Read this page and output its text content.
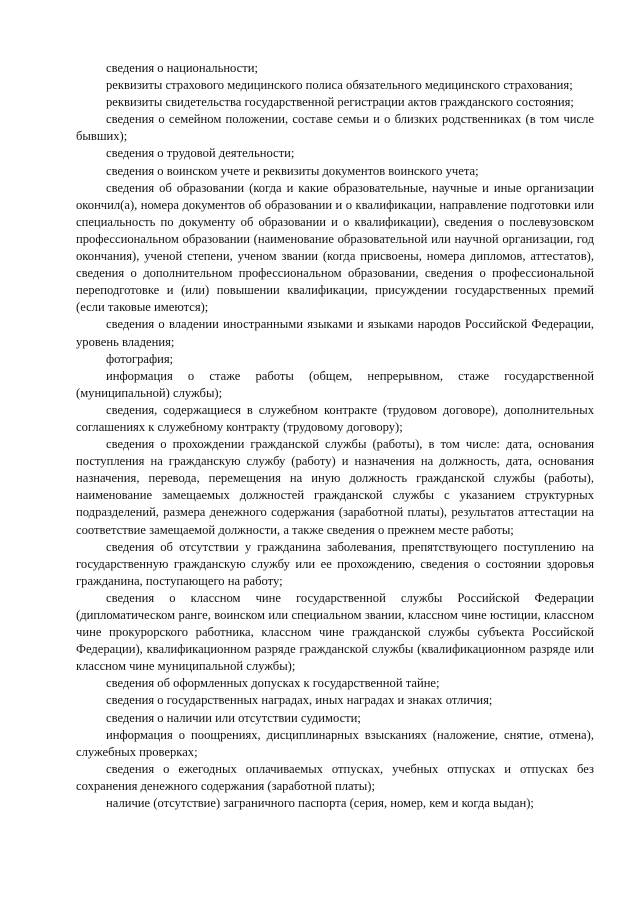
сведения о национальности;

реквизиты страхового медицинского полиса обязательного медицинского страхования;

реквизиты свидетельства государственной регистрации актов гражданского состояния;

сведения о семейном положении, составе семьи и о близких родственниках (в том числе бывших);

сведения о трудовой деятельности;

сведения о воинском учете и реквизиты документов воинского учета;

сведения об образовании (когда и какие образовательные, научные и иные организации окончил(а), номера документов об образовании и о квалификации, направление подготовки или специальность по документу об образовании и о квалификации), сведения о послевузовском профессиональном образовании (наименование образовательной или научной организации, год окончания), ученой степени, ученом звании (когда присвоены, номера дипломов, аттестатов), сведения о дополнительном профессиональном образовании, сведения о профессиональной переподготовке и (или) повышении квалификации, присуждении государственных премий (если таковые имеются);

сведения о владении иностранными языками и языками народов Российской Федерации, уровень владения;

фотография;

информация о стаже работы (общем, непрерывном, стаже государственной (муниципальной) службы);

сведения, содержащиеся в служебном контракте (трудовом договоре), дополнительных соглашениях к служебному контракту (трудовому договору);

сведения о прохождении гражданской службы (работы), в том числе: дата, основания поступления на гражданскую службу (работу) и назначения на должность, дата, основания назначения, перевода, перемещения на иную должность гражданской службы (работы), наименование замещаемых должностей гражданской службы с указанием структурных подразделений, размера денежного содержания (заработной платы), результатов аттестации на соответствие замещаемой должности, а также сведения о прежнем месте работы;

сведения об отсутствии у гражданина заболевания, препятствующего поступлению на государственную гражданскую службу или ее прохождению, сведения о состоянии здоровья гражданина, поступающего на работу;

сведения о классном чине государственной службы Российской Федерации (дипломатическом ранге, воинском или специальном звании, классном чине юстиции, классном чине прокурорского работника, классном чине гражданской службы субъекта Российской Федерации), квалификационном разряде гражданской службы (квалификационном разряде или классном чине муниципальной службы);

сведения об оформленных допусках к государственной тайне;

сведения о государственных наградах, иных наградах и знаках отличия;

сведения о наличии или отсутствии судимости;

информация о поощрениях, дисциплинарных взысканиях (наложение, снятие, отмена), служебных проверках;

сведения о ежегодных оплачиваемых отпусках, учебных отпусках и отпусках без сохранения денежного содержания (заработной платы);

наличие (отсутствие) заграничного паспорта (серия, номер, кем и когда выдан);
